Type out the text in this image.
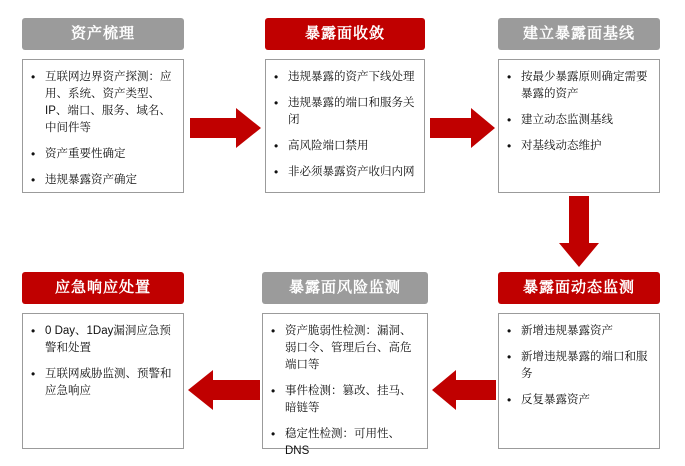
资产梳理
• 互联网边界资产探测：应用、系统、资产类型、IP、端口、服务、域名、中间件等
• 资产重要性确定
• 违规暴露资产确定
暴露面收敛
• 违规暴露的资产下线处理
• 违规暴露的端口和服务关闭
• 高风险端口禁用
• 非必须暴露资产收归内网
建立暴露面基线
• 按最少暴露原则确定需要暴露的资产
• 建立动态监测基线
• 对基线动态维护
暴露面动态监测
• 新增违规暴露资产
• 新增违规暴露的端口和服务
• 反复暴露资产
暴露面风险监测
• 资产脆弱性检测：漏洞、弱口令、管理后台、高危端口等
• 事件检测：篡改、挂马、暗链等
• 稳定性检测：可用性、DNS
应急响应处置
• 0 Day、1Day漏洞应急预警和处置
• 互联网威胁监测、预警和应急响应
